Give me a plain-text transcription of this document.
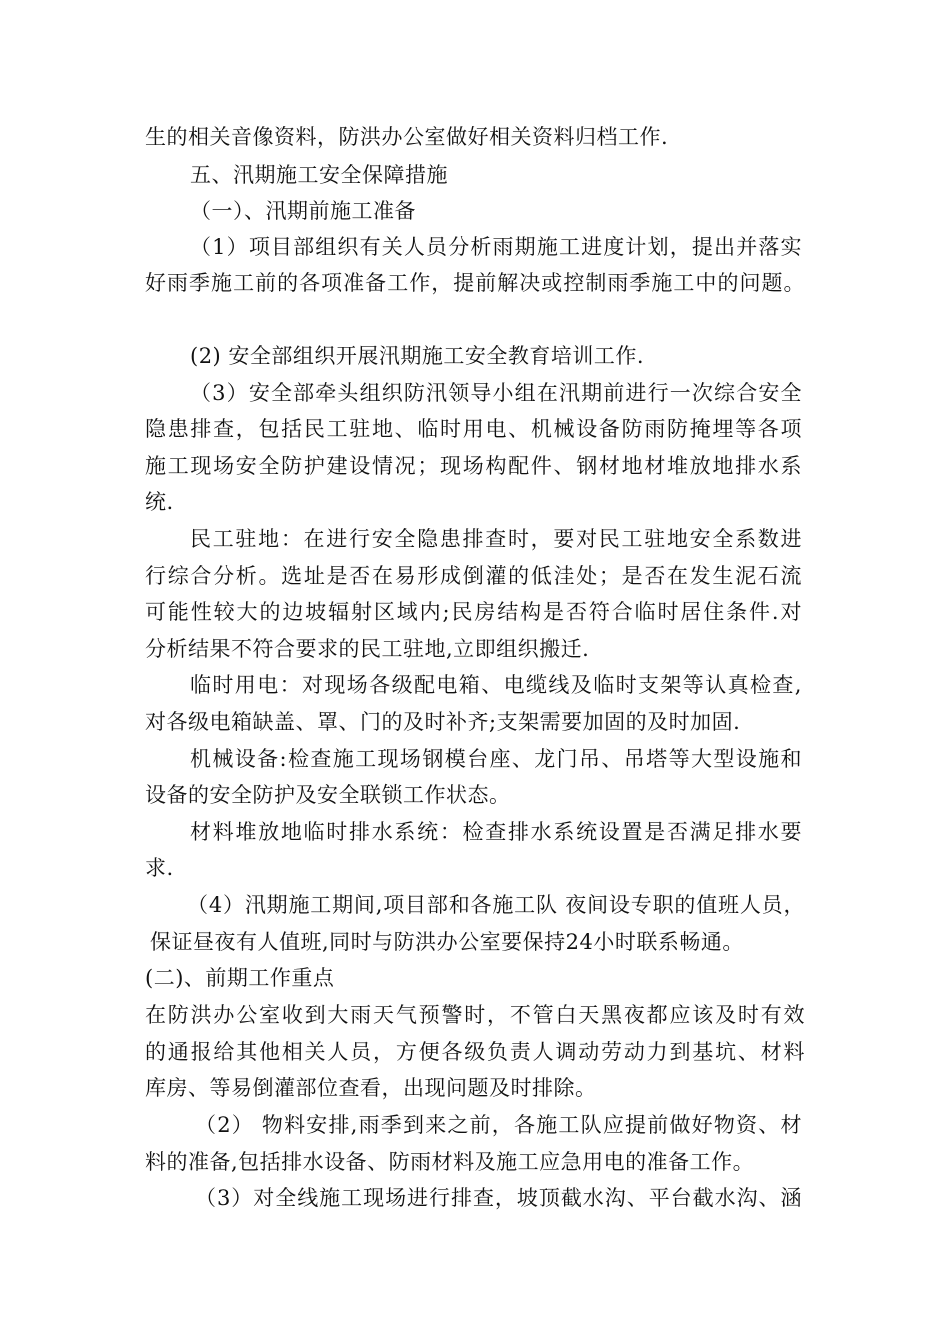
生的相关音像资料，防洪办公室做好相关资料归档工作.
五、汛期施工安全保障措施
（一）、汛期前施工准备
（1）项目部组织有关人员分析雨期施工进度计划，提出并落实
好雨季施工前的各项准备工作，提前解决或控制雨季施工中的问题。
(2) 安全部组织开展汛期施工安全教育培训工作.
（3）安全部牵头组织防汛领导小组在汛期前进行一次综合安全
隐患排查，包括民工驻地、临时用电、机械设备防雨防掩埋等各项
施工现场安全防护建设情况；现场构配件、钢材地材堆放地排水系
统.
民工驻地：在进行安全隐患排查时，要对民工驻地安全系数进
行综合分析。选址是否在易形成倒灌的低洼处；是否在发生泥石流
可能性较大的边坡辐射区域内;民房结构是否符合临时居住条件.对
分析结果不符合要求的民工驻地,立即组织搬迁.
临时用电：对现场各级配电箱、电缆线及临时支架等认真检查,
对各级电箱缺盖、罩、门的及时补齐;支架需要加固的及时加固.
机械设备:检查施工现场钢模台座、龙门吊、吊塔等大型设施和
设备的安全防护及安全联锁工作状态。
材料堆放地临时排水系统：检查排水系统设置是否满足排水要
求.
（4）汛期施工期间,项目部和各施工队 夜间设专职的值班人员，
保证昼夜有人值班,同时与防洪办公室要保持24小时联系畅通。
(二)、前期工作重点
在防洪办公室收到大雨天气预警时，不管白天黑夜都应该及时有效
的通报给其他相关人员，方便各级负责人调动劳动力到基坑、材料
库房、等易倒灌部位查看，出现问题及时排除。
（2） 物料安排,雨季到来之前，各施工队应提前做好物资、材
料的准备,包括排水设备、防雨材料及施工应急用电的准备工作。
（3）对全线施工现场进行排查，坡顶截水沟、平台截水沟、涵
